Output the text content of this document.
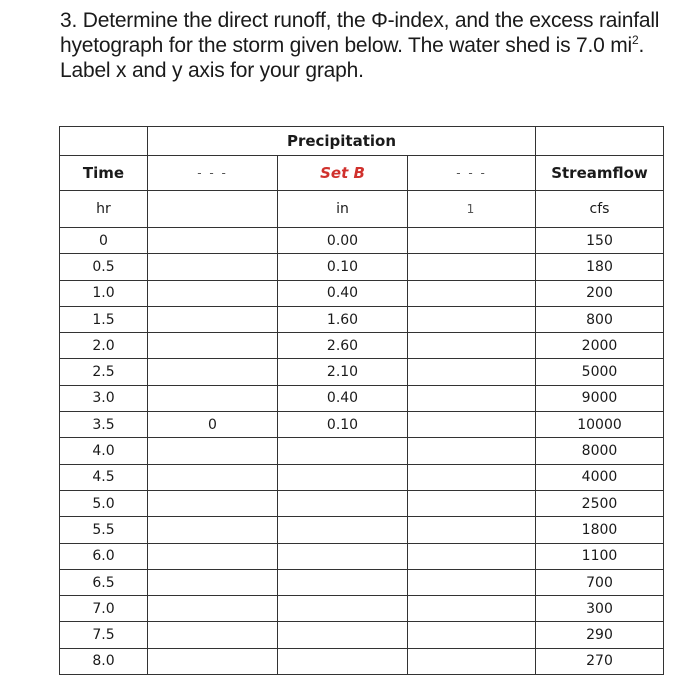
3. Determine the direct runoff, the Φ-index, and the excess rainfall

hyetograph for the storm given below. The water shed is 7.0 $mi^2$.

Label x and y axis for your graph.

	Precipitation			
Time	- - -	Set B	- - -	Streamflow
hr		in	1	cfs
0		0.00		150
0.5		0.10		180
1.0		0.40		200
1.5		1.60		800
2.0		2.60		2000
2.5		2.10		5000
3.0		0.40		9000
3.5	0	0.10		10000
4.0				8000
4.5				4000
5.0				2500
5.5				1800
6.0				1100
6.5				700
7.0				300
7.5				290
8.0				270
